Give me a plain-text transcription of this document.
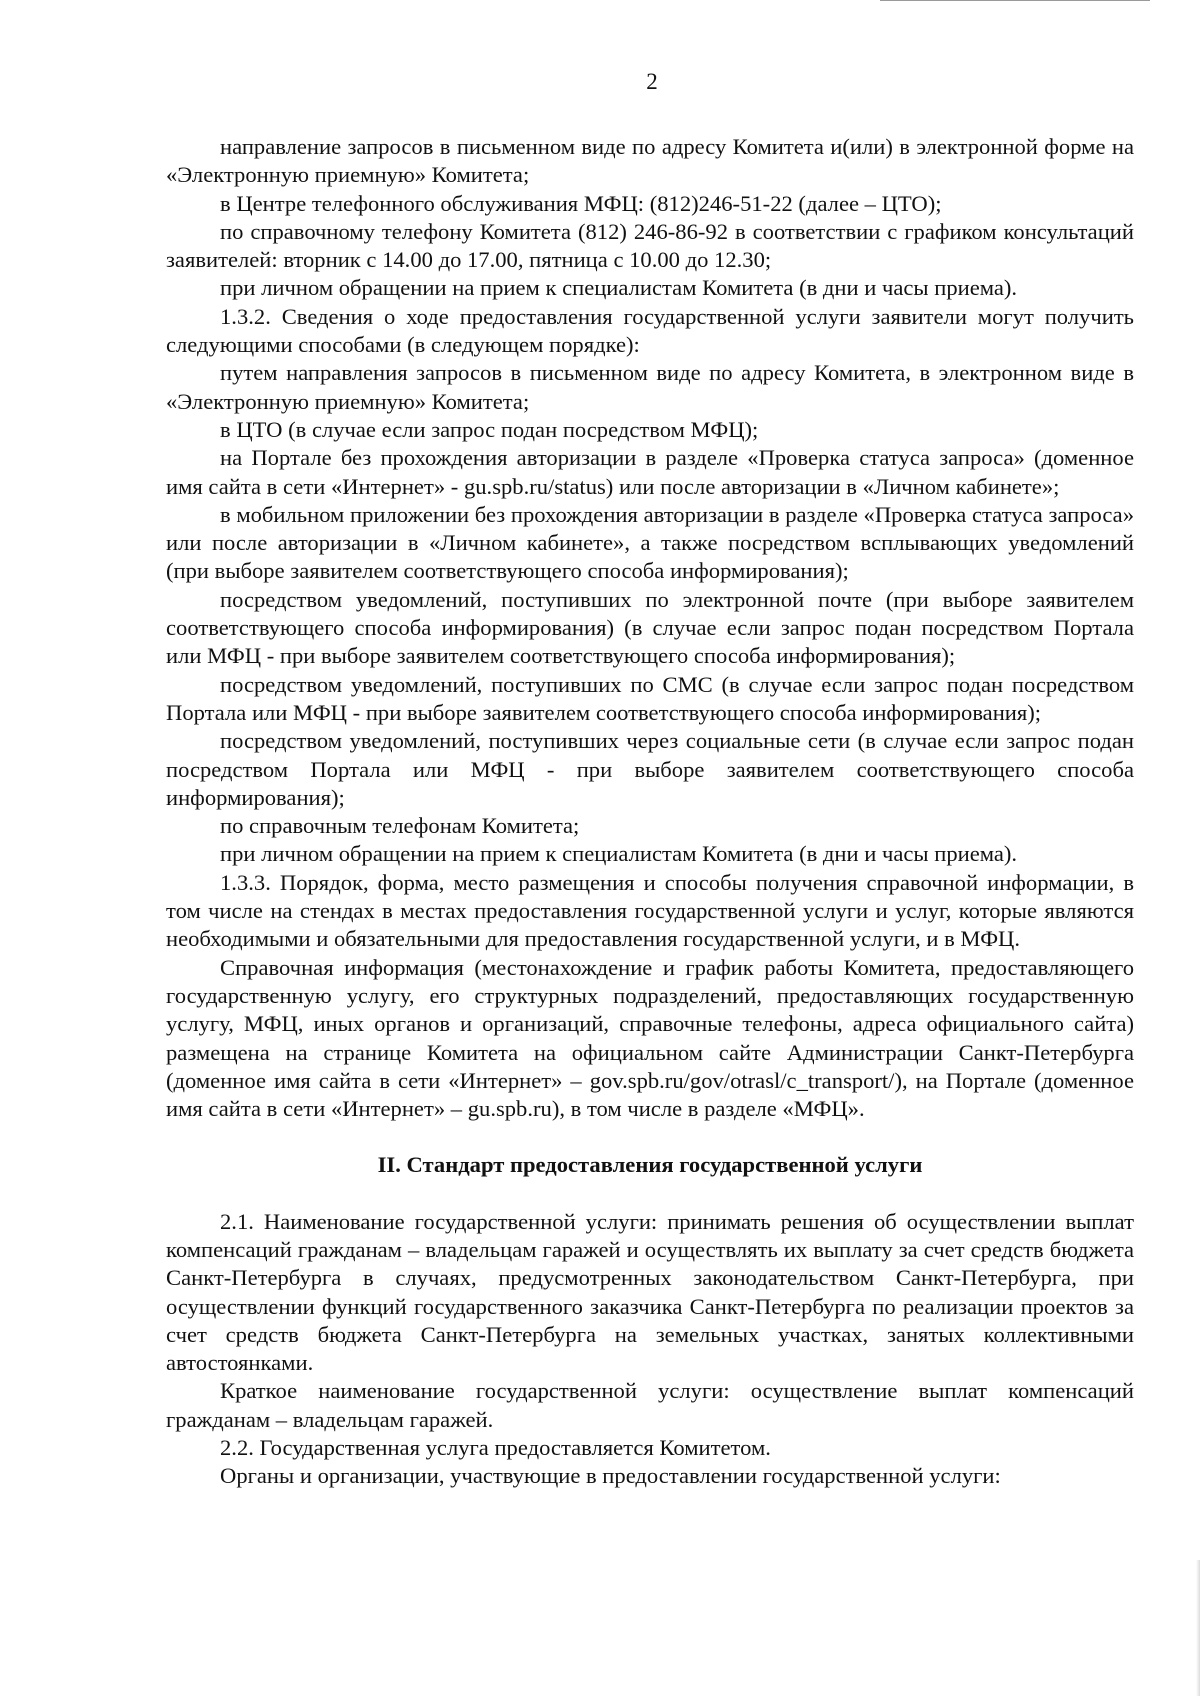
2

направление запросов в письменном виде по адресу Комитета и(или) в электронной форме на «Электронную приемную» Комитета;

в Центре телефонного обслуживания МФЦ: (812)246-51-22 (далее – ЦТО);

по справочному телефону Комитета (812) 246-86-92 в соответствии с графиком консультаций заявителей: вторник с 14.00 до 17.00, пятница с 10.00 до 12.30;

при личном обращении на прием к специалистам Комитета (в дни и часы приема).

1.3.2. Сведения о ходе предоставления государственной услуги заявители могут получить следующими способами (в следующем порядке):

путем направления запросов в письменном виде по адресу Комитета, в электронном виде в «Электронную приемную» Комитета;

в ЦТО (в случае если запрос подан посредством МФЦ);

на Портале без прохождения авторизации в разделе «Проверка статуса запроса» (доменное имя сайта в сети «Интернет» - gu.spb.ru/status) или после авторизации в «Личном кабинете»;

в мобильном приложении без прохождения авторизации в разделе «Проверка статуса запроса» или после авторизации в «Личном кабинете», а также посредством всплывающих уведомлений (при выборе заявителем соответствующего способа информирования);

посредством уведомлений, поступивших по электронной почте (при выборе заявителем соответствующего способа информирования) (в случае если запрос подан посредством Портала или МФЦ - при выборе заявителем соответствующего способа информирования);

посредством уведомлений, поступивших по СМС (в случае если запрос подан посредством Портала или МФЦ - при выборе заявителем соответствующего способа информирования);

посредством уведомлений, поступивших через социальные сети (в случае если запрос подан посредством Портала или МФЦ - при выборе заявителем соответствующего способа информирования);

по справочным телефонам Комитета;

при личном обращении на прием к специалистам Комитета (в дни и часы приема).

1.3.3. Порядок, форма, место размещения и способы получения справочной информации, в том числе на стендах в местах предоставления государственной услуги и услуг, которые являются необходимыми и обязательными для предоставления государственной услуги, и в МФЦ.

Справочная информация (местонахождение и график работы Комитета, предоставляющего государственную услугу, его структурных подразделений, предоставляющих государственную услугу, МФЦ, иных органов и организаций, справочные телефоны, адреса официального сайта) размещена на странице Комитета на официальном сайте Администрации Санкт-Петербурга (доменное имя сайта в сети «Интернет» – gov.spb.ru/gov/otrasl/c_transport/), на Портале (доменное имя сайта в сети «Интернет» – gu.spb.ru), в том числе в разделе «МФЦ».

II. Стандарт предоставления государственной услуги

2.1. Наименование государственной услуги: принимать решения об осуществлении выплат компенсаций гражданам – владельцам гаражей и осуществлять их выплату за счет средств бюджета Санкт-Петербурга в случаях, предусмотренных законодательством Санкт-Петербурга, при осуществлении функций государственного заказчика Санкт-Петербурга по реализации проектов за счет средств бюджета Санкт-Петербурга на земельных участках, занятых коллективными автостоянками.

Краткое наименование государственной услуги: осуществление выплат компенсаций гражданам – владельцам гаражей.

2.2. Государственная услуга предоставляется Комитетом.

Органы и организации, участвующие в предоставлении государственной услуги:
